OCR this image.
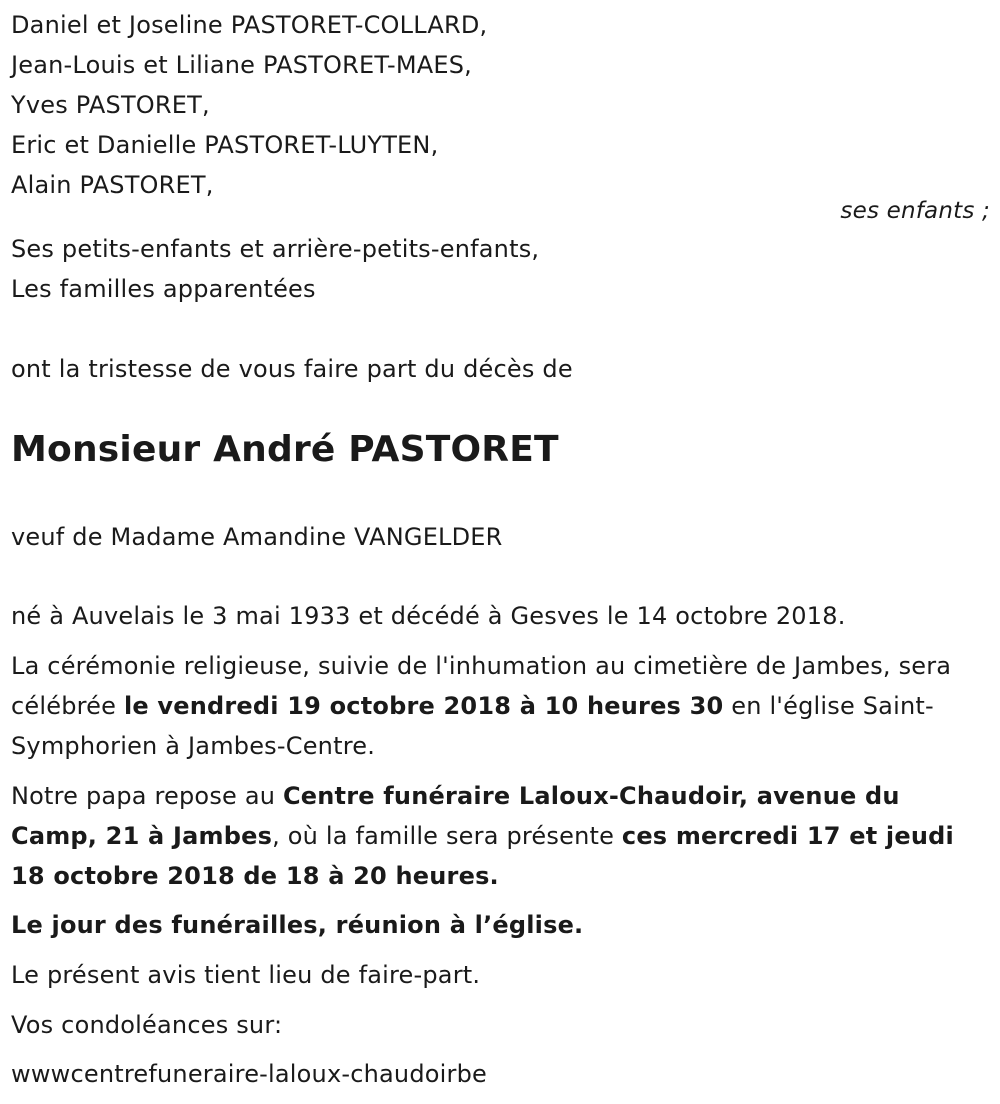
Daniel et Joseline PASTORET-COLLARD,
Jean-Louis et Liliane PASTORET-MAES,
Yves PASTORET,
Eric et Danielle PASTORET-LUYTEN,
Alain PASTORET,
ses enfants ;
Ses petits-enfants et arrière-petits-enfants,
Les familles apparentées
ont la tristesse de vous faire part du décès de
Monsieur André PASTORET
veuf de Madame Amandine VANGELDER
né à Auvelais le 3 mai 1933 et décédé à Gesves le 14 octobre 2018.
La cérémonie religieuse, suivie de l'inhumation au cimetière de Jambes, sera célébrée le vendredi 19 octobre 2018 à 10 heures 30 en l'église Saint-Symphorien à Jambes-Centre.
Notre papa repose au Centre funéraire Laloux-Chaudoir, avenue du Camp, 21 à Jambes, où la famille sera présente ces mercredi 17 et jeudi 18 octobre 2018 de 18 à 20 heures.
Le jour des funérailles, réunion à l’église.
Le présent avis tient lieu de faire-part.
Vos condoléances sur:
wwwcentrefuneraire-laloux-chaudoirbe
